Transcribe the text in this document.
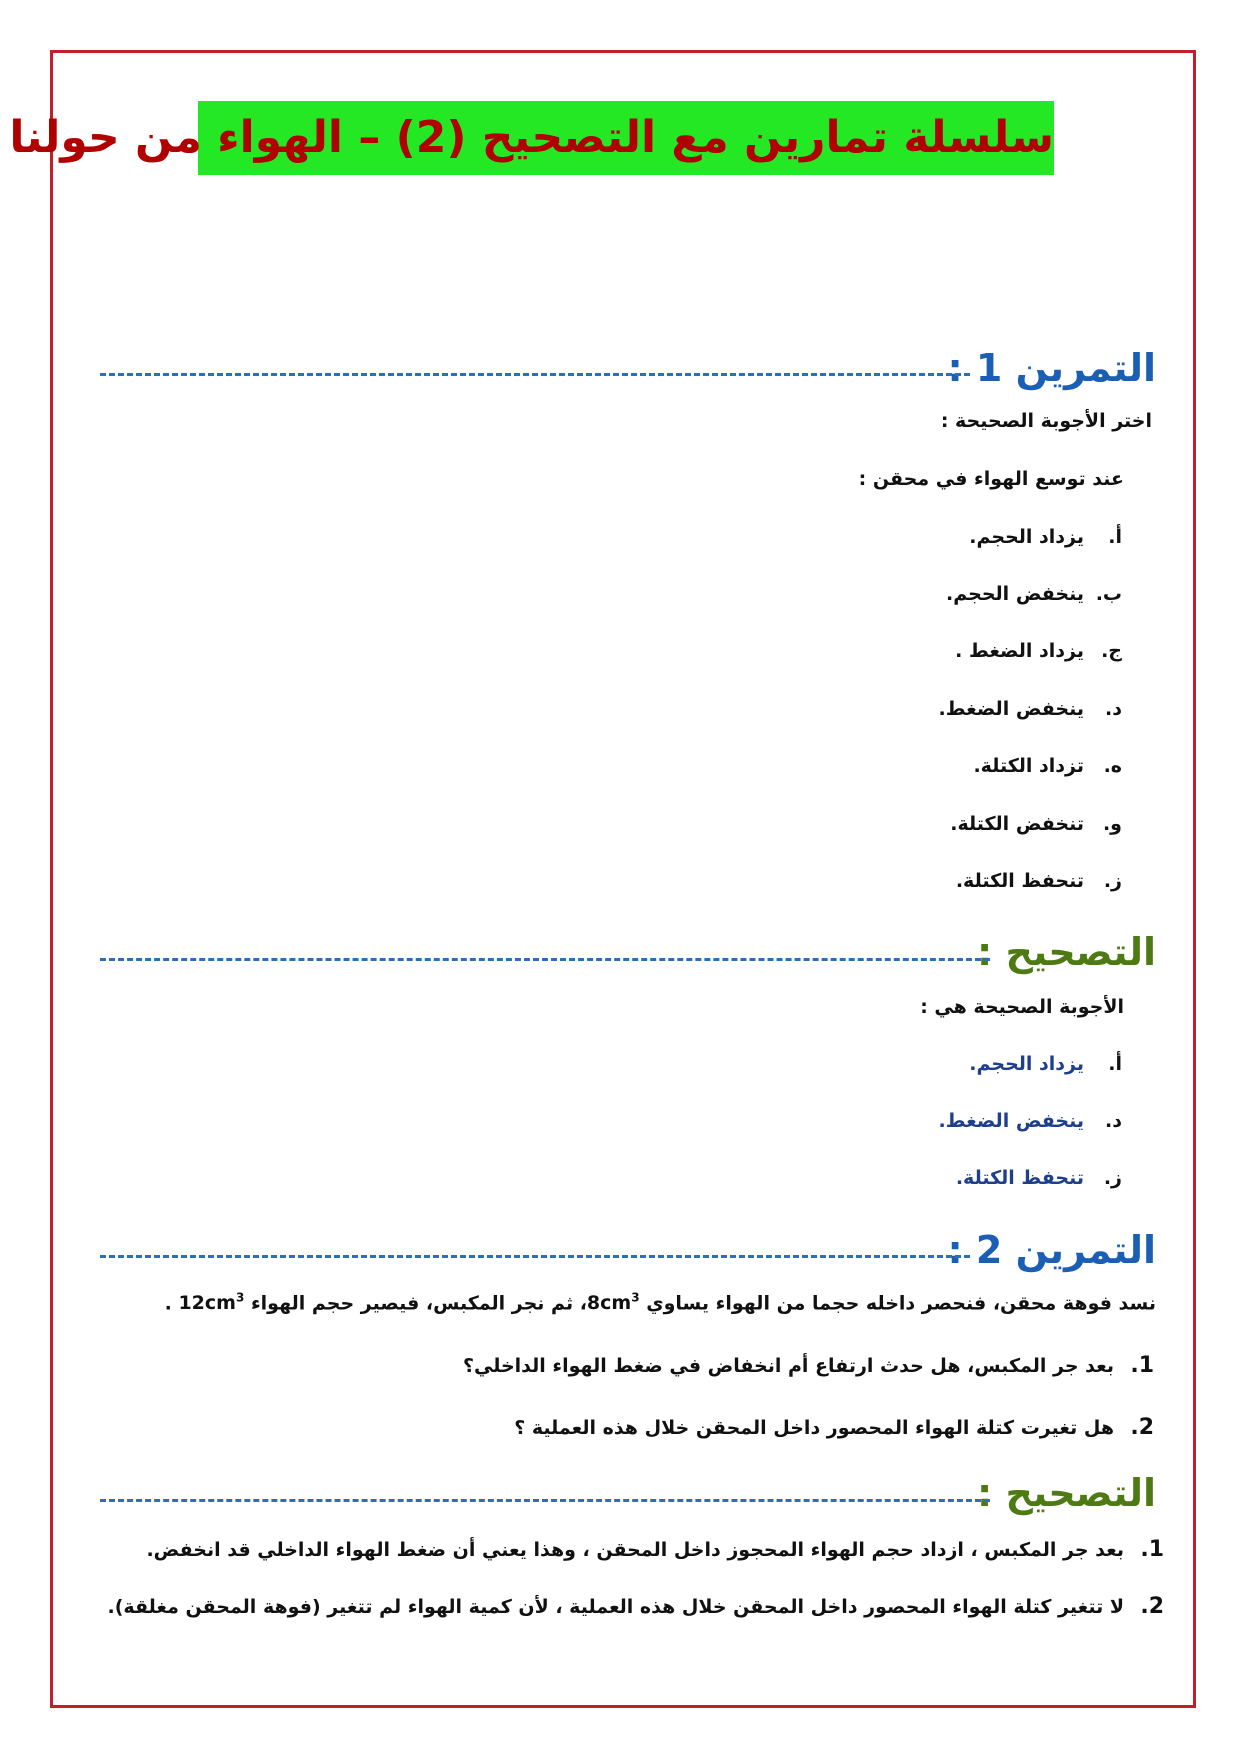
سلسلة تمارين مع التصحيح (2) – الهواء من حولنا
التمرين 1 :
اختر الأجوبة الصحيحة :
عند توسع الهواء في محقن :
أ.يزداد الحجم.
ب.ينخفض الحجم.
ج.يزداد الضغط .
د.ينخفض الضغط.
ه.تزداد الكتلة.
و.تنخفض الكتلة.
ز.تنحفظ الكتلة.
التصحيح :
الأجوبة الصحيحة هي :
أ.يزداد الحجم.
د.ينخفض الضغط.
ز.تنحفظ الكتلة.
التمرين 2 :
نسد فوهة محقن، فنحصر داخله حجما من الهواء يساوي $8cm^3،$ ثم نجر المكبس، فيصير حجم الهواء $12cm^3$ .
1.بعد جر المكبس، هل حدث ارتفاع أم انخفاض في ضغط الهواء الداخلي؟
2.هل تغيرت كتلة الهواء المحصور داخل المحقن خلال هذه العملية ؟
التصحيح :
1.بعد جر المكبس ، ازداد حجم الهواء المحجوز داخل المحقن ، وهذا يعني أن ضغط الهواء الداخلي قد انخفض.
2.لا تتغير كتلة الهواء المحصور داخل المحقن خلال هذه العملية ، لأن كمية الهواء لم تتغير (فوهة المحقن مغلقة).
